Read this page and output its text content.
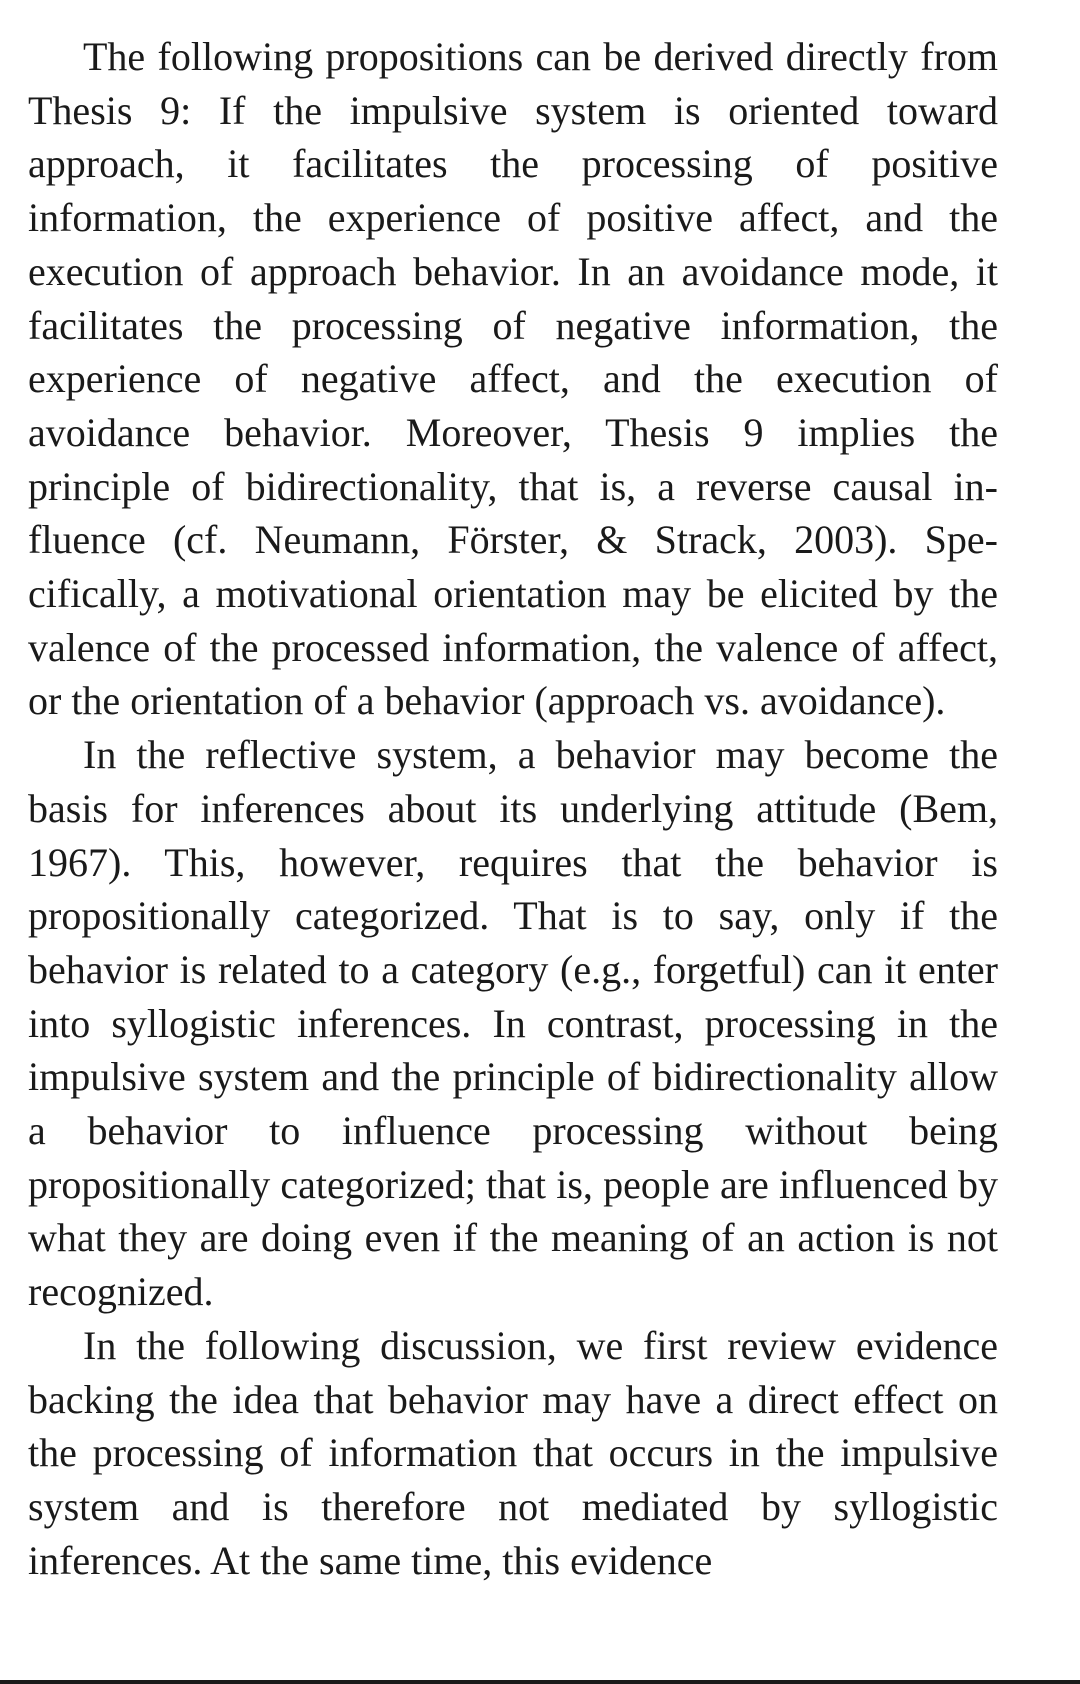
The following propositions can be derived directly from Thesis 9: If the impulsive system is oriented toward approach, it facilitates the processing of positive information, the experience of positive affect, and the execution of approach behavior. In an avoidance mode, it facilitates the processing of negative information, the experience of negative affect, and the execution of avoidance behavior. Moreover, Thesis 9 implies the principle of bidirectionality, that is, a reverse causal influence (cf. Neumann, Förster, & Strack, 2003). Specifically, a motivational orientation may be elicited by the valence of the processed information, the valence of affect, or the orientation of a behavior (approach vs. avoidance).

In the reflective system, a behavior may become the basis for inferences about its underlying attitude (Bem, 1967). This, however, requires that the behavior is propositionally categorized. That is to say, only if the behavior is related to a category (e.g., forgetful) can it enter into syllogistic inferences. In contrast, processing in the impulsive system and the principle of bidirectionality allow a behavior to influence processing without being propositionally categorized; that is, people are influenced by what they are doing even if the meaning of an action is not recognized.

In the following discussion, we first review evidence backing the idea that behavior may have a direct effect on the processing of information that occurs in the impulsive system and is therefore not mediated by syllogistic inferences. At the same time, this evidence
